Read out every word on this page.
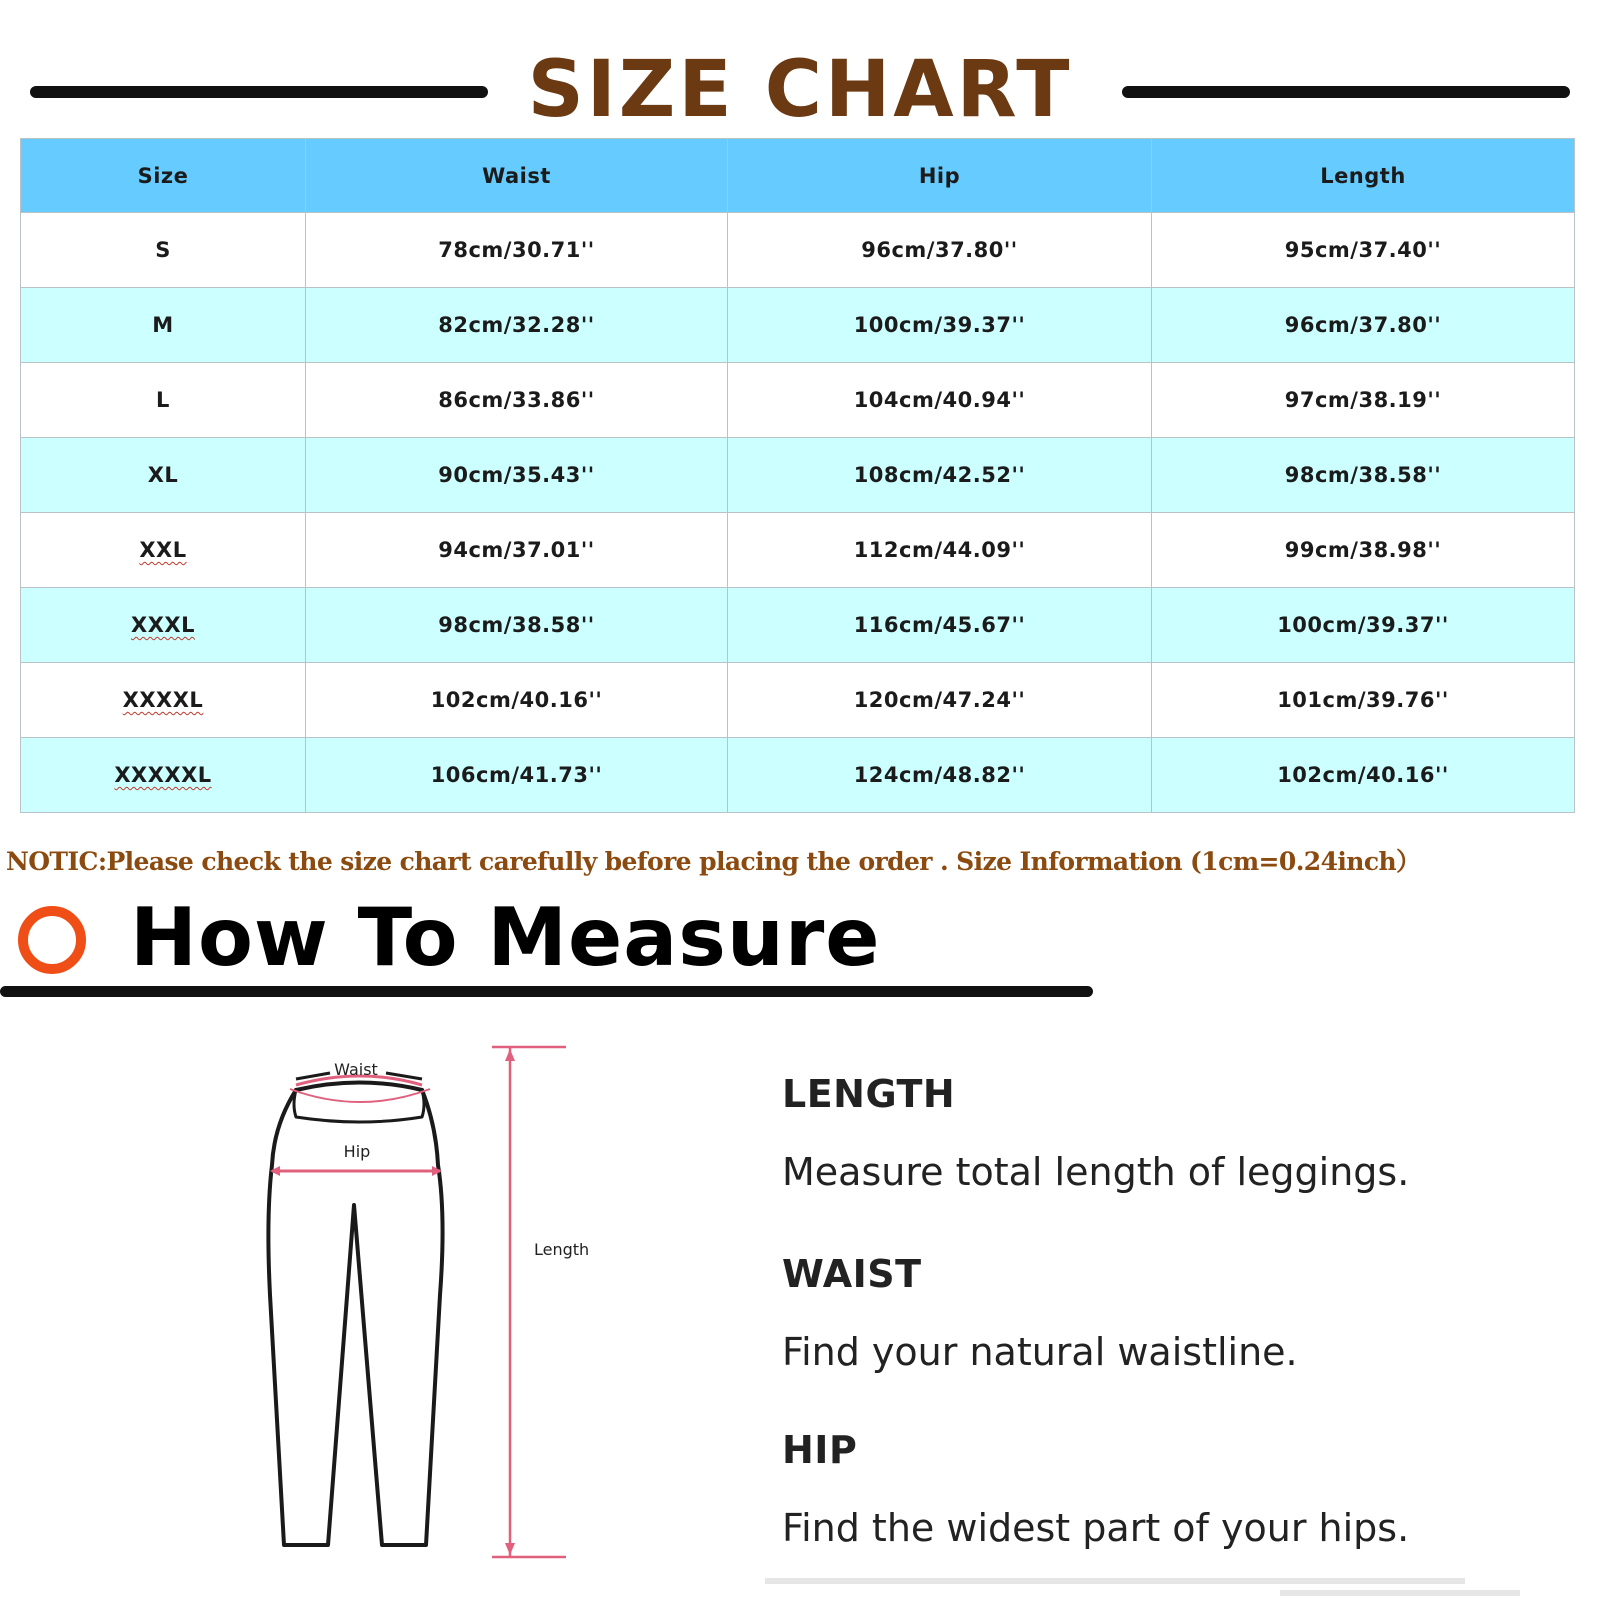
SIZE CHART
Size	Waist	Hip	Length
S	78cm/30.71''	96cm/37.80''	95cm/37.40''
M	82cm/32.28''	100cm/39.37''	96cm/37.80''
L	86cm/33.86''	104cm/40.94''	97cm/38.19''
XL	90cm/35.43''	108cm/42.52''	98cm/38.58''
XXL	94cm/37.01''	112cm/44.09''	99cm/38.98''
XXXL	98cm/38.58''	116cm/45.67''	100cm/39.37''
XXXXL	102cm/40.16''	120cm/47.24''	101cm/39.76''
XXXXXL	106cm/41.73''	124cm/48.82''	102cm/40.16''
NOTIC:Please check the size chart carefully before placing the order . Size Information (1cm=0.24inch）
How To Measure
Waist
Hip
Length
LENGTH
Measure total length of leggings.
WAIST
Find your natural waistline.
HIP
Find the widest part of your hips.
